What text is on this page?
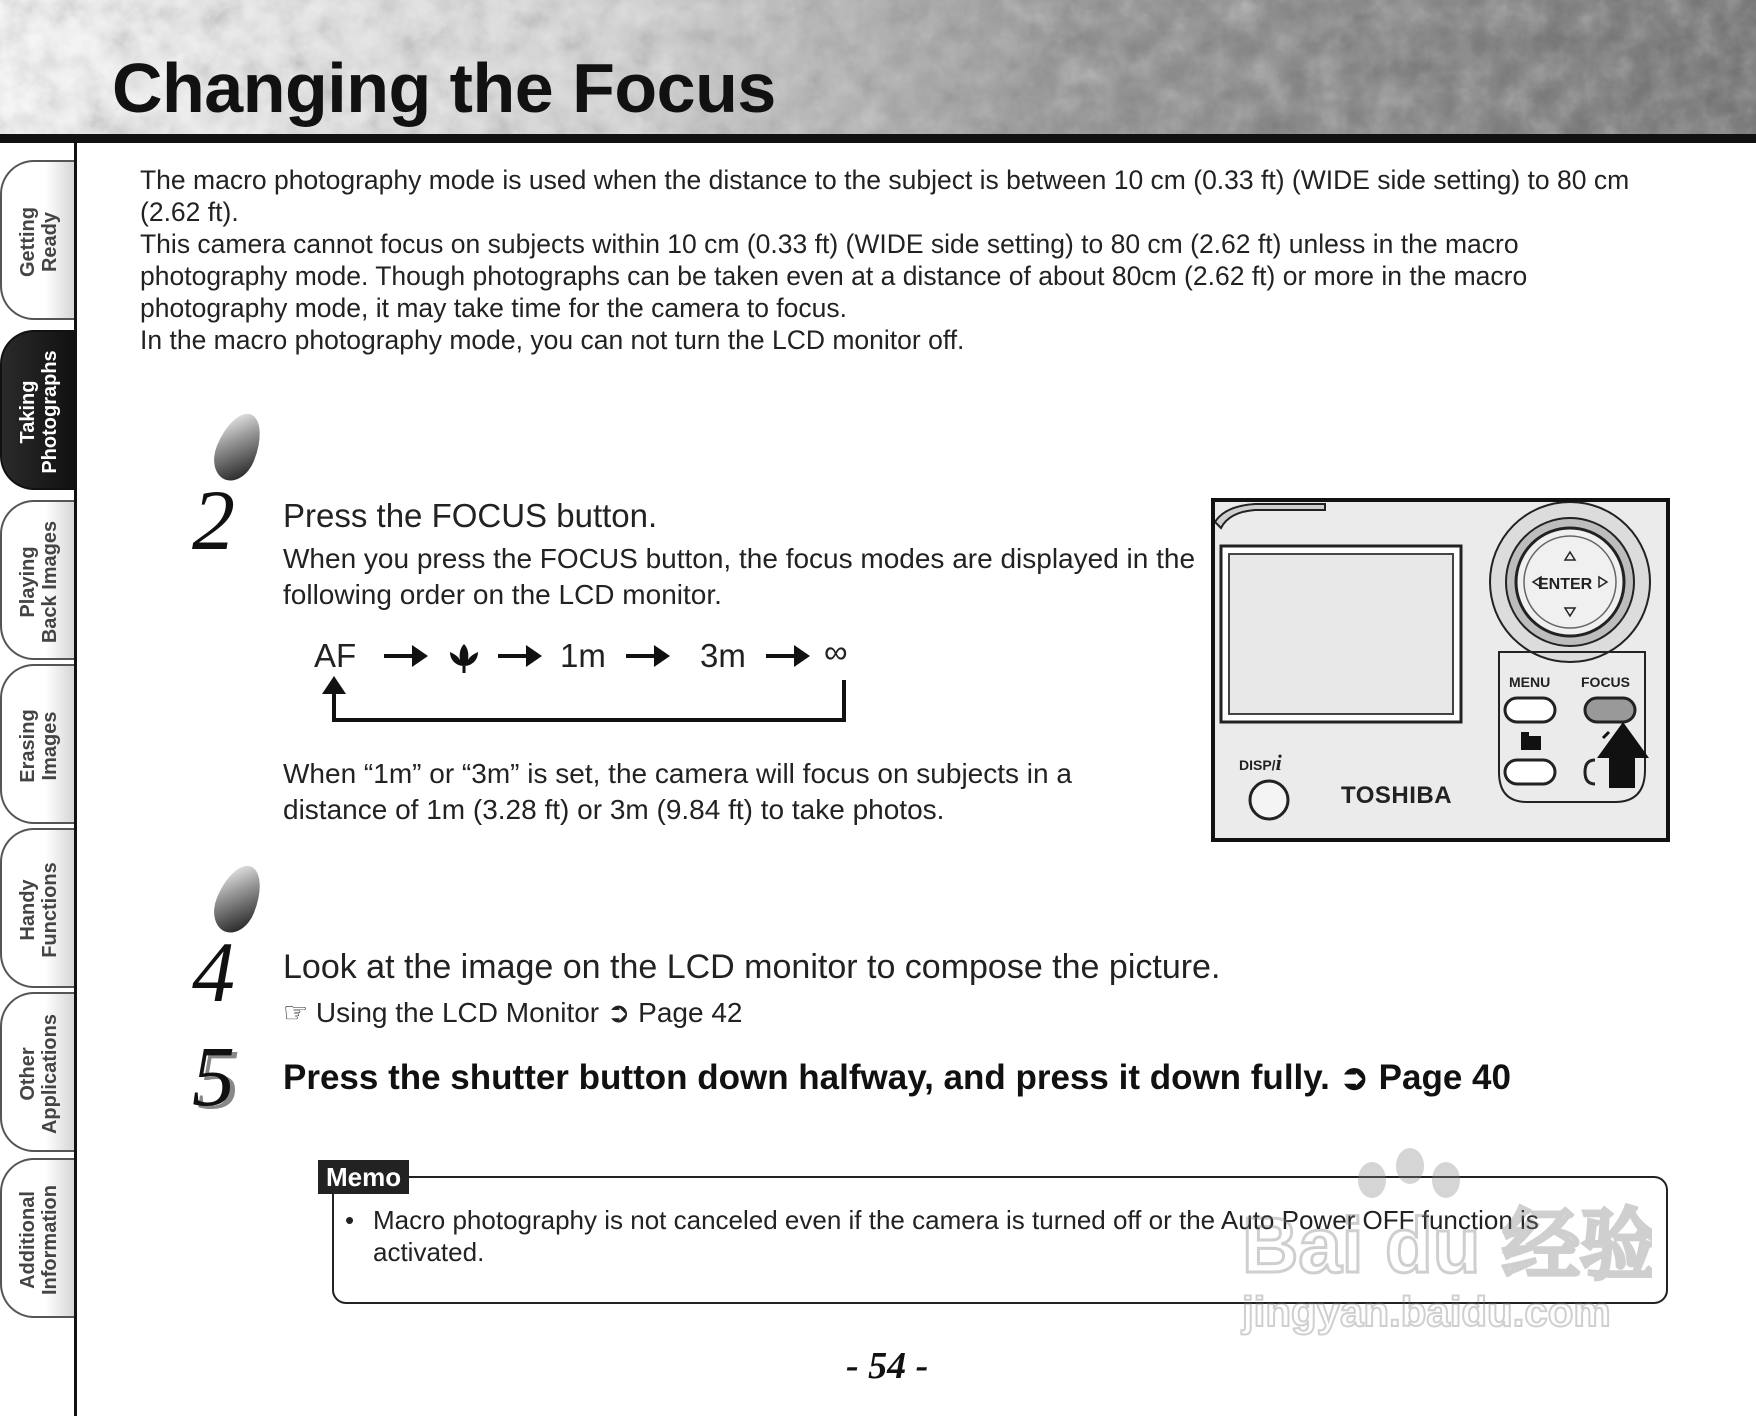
Changing the Focus
Getting
Ready
Taking
Photographs
Playing
Back Images
Erasing
Images
Handy
Functions
Other
Applications
Additional
Information
The macro photography mode is used when the distance to the subject is between 10 cm (0.33 ft) (WIDE side setting) to 80 cm (2.62 ft).
This camera cannot focus on subjects within 10 cm (0.33 ft) (WIDE side setting) to 80 cm (2.62 ft) unless in the macro photography mode. Though photographs can be taken even at a distance of about 80cm (2.62 ft) or more in the macro photography mode, it may take time for the camera to focus.
In the macro photography mode, you can not turn the LCD monitor off.
2 Press the FOCUS button.
When you press the FOCUS button, the focus modes are displayed in the following order on the LCD monitor.
AF	1m	3m ∞
When “1m” or “3m” is set, the camera will focus on subjects in a distance of 1m (3.28 ft) or 3m (9.84 ft) to take photos.
ENTER
MENU FOCUS
DISP/i
TOSHIBA
4 Look at the image on the LCD monitor to compose the picture.
☞ Using the LCD Monitor ➲ Page 42
5 Press the shutter button down halfway, and press it down fully. ➲ Page 40
Memo
• Macro photography is not canceled even if the camera is turned off or the Auto Power OFF function is activated.	Bai du 经验
jingyan.baidu.com
- 54 -
